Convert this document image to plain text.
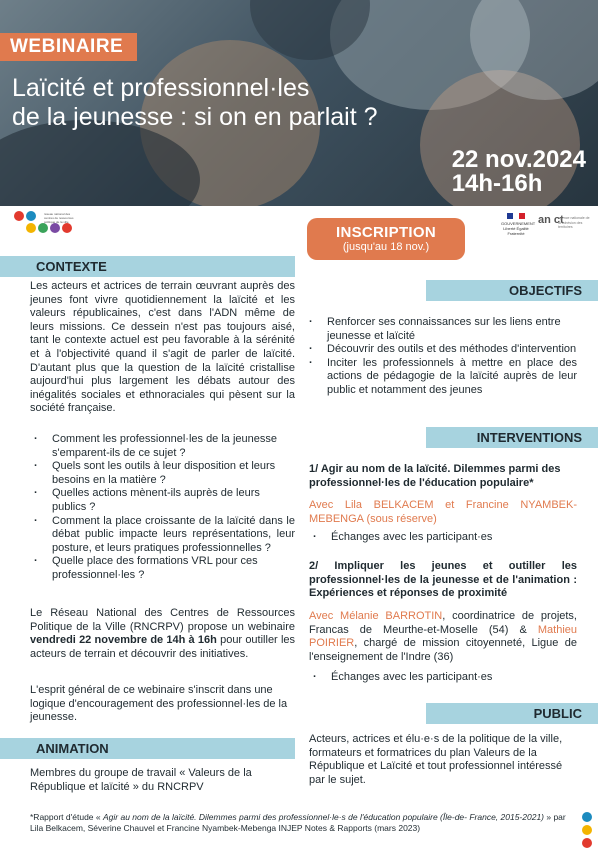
WEBINAIRE
Laïcité et professionnel·les
de la jeunesse : si on en parlait ?
22 nov.2024
14h-16h
réseau national des centres de ressources politique de la ville
INSCRIPTION
(jusqu'au 18 nov.)
GOUVERNEMENT Liberté Égalité Fraternité
an ct
agence nationale de la cohésion des territoires
CONTEXTE
Les acteurs et actrices de terrain œuvrant auprès des jeunes font vivre quotidiennement la laïcité et les valeurs républicaines, c'est dans l'ADN même de leurs missions. Ce dessein n'est pas toujours aisé, tant le contexte actuel est peu favorable à la sérénité et à l'objectivité quand il s'agit de parler de laïcité. D'autant plus que la question de la laïcité cristallise aujourd'hui plus largement les débats autour des inégalités sociales et ethnoraciales qui pèsent sur la société française.
· Comment les professionnel·les de la jeunesse s'emparent-ils de ce sujet ?
· Quels sont les outils à leur disposition et leurs besoins en la matière ?
· Quelles actions mènent-ils auprès de leurs publics ?
· Comment la place croissante de la laïcité dans le débat public impacte leurs représentations, leur posture, et leurs pratiques professionnelles ?
· Quelle place des formations VRL pour ces professionnel·les ?
Le Réseau National des Centres de Ressources Politique de la Ville (RNCRPV) propose un webinaire vendredi 22 novembre de 14h à 16h pour outiller les acteurs de terrain et découvrir des initiatives.
L'esprit général de ce webinaire s'inscrit dans une logique d'encouragement des professionnel·les de la jeunesse.
ANIMATION
Membres du groupe de travail « Valeurs de la République et laïcité » du RNCRPV
OBJECTIFS
· Renforcer ses connaissances sur les liens entre jeunesse et laïcité
· Découvrir des outils et des méthodes d'intervention
· Inciter les professionnels à mettre en place des actions de pédagogie de la laïcité auprès de leur public et notamment des jeunes
INTERVENTIONS
1/ Agir au nom de la laïcité. Dilemmes parmi des professionnel·les de l'éducation populaire*
Avec Lila BELKACEM et Francine NYAMBEK-MEBENGA (sous réserve)
· Échanges avec les participant·es
2/ Impliquer les jeunes et outiller les professionnel·les de la jeunesse et de l'animation : Expériences et réponses de proximité
Avec Mélanie BARROTIN, coordinatrice de projets, Francas de Meurthe-et-Moselle (54) & Mathieu POIRIER, chargé de mission citoyenneté, Ligue de l'enseignement de l'Indre (36)
· Échanges avec les participant·es
PUBLIC
Acteurs, actrices et élu·e·s de la politique de la ville, formateurs et formatrices du plan Valeurs de la République et Laïcité et tout professionnel intéressé par le sujet.
*Rapport d'étude « Agir au nom de la laïcité. Dilemmes parmi des professionnel·le·s de l'éducation populaire (Île-de- France, 2015-2021) » par Lila Belkacem, Séverine Chauvel et Francine Nyambek-Mebenga INJEP Notes & Rapports (mars 2023)
